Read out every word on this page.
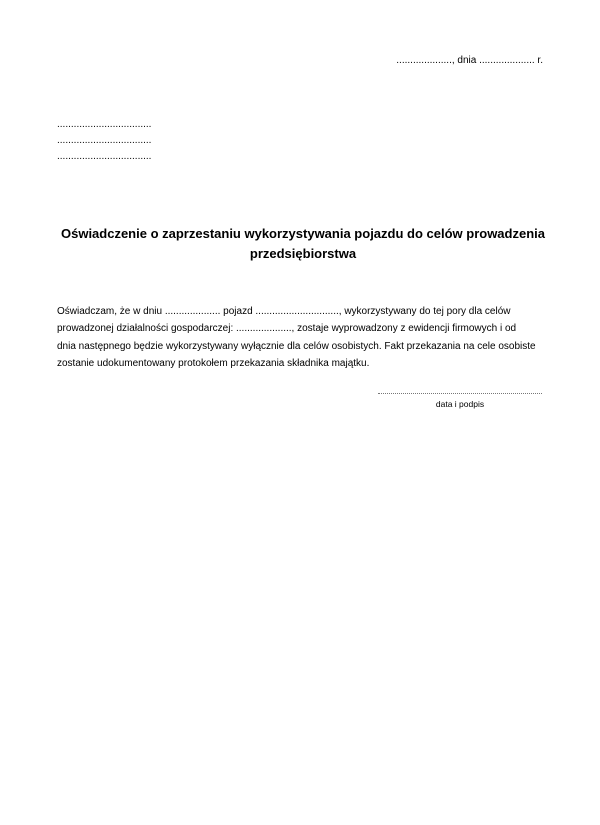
...................., dnia .................... r.
..................................
..................................
..................................
Oświadczenie o zaprzestaniu wykorzystywania pojazdu do celów prowadzenia
przedsiębiorstwa
Oświadczam, że w dniu .................... pojazd .............................., wykorzystywany do tej pory dla celów
prowadzonej działalności gospodarczej: ...................., zostaje wyprowadzony z ewidencji firmowych i od
dnia następnego będzie wykorzystywany wyłącznie dla celów osobistych. Fakt przekazania na cele osobiste
zostanie udokumentowany protokołem przekazania składnika majątku.
data i podpis
